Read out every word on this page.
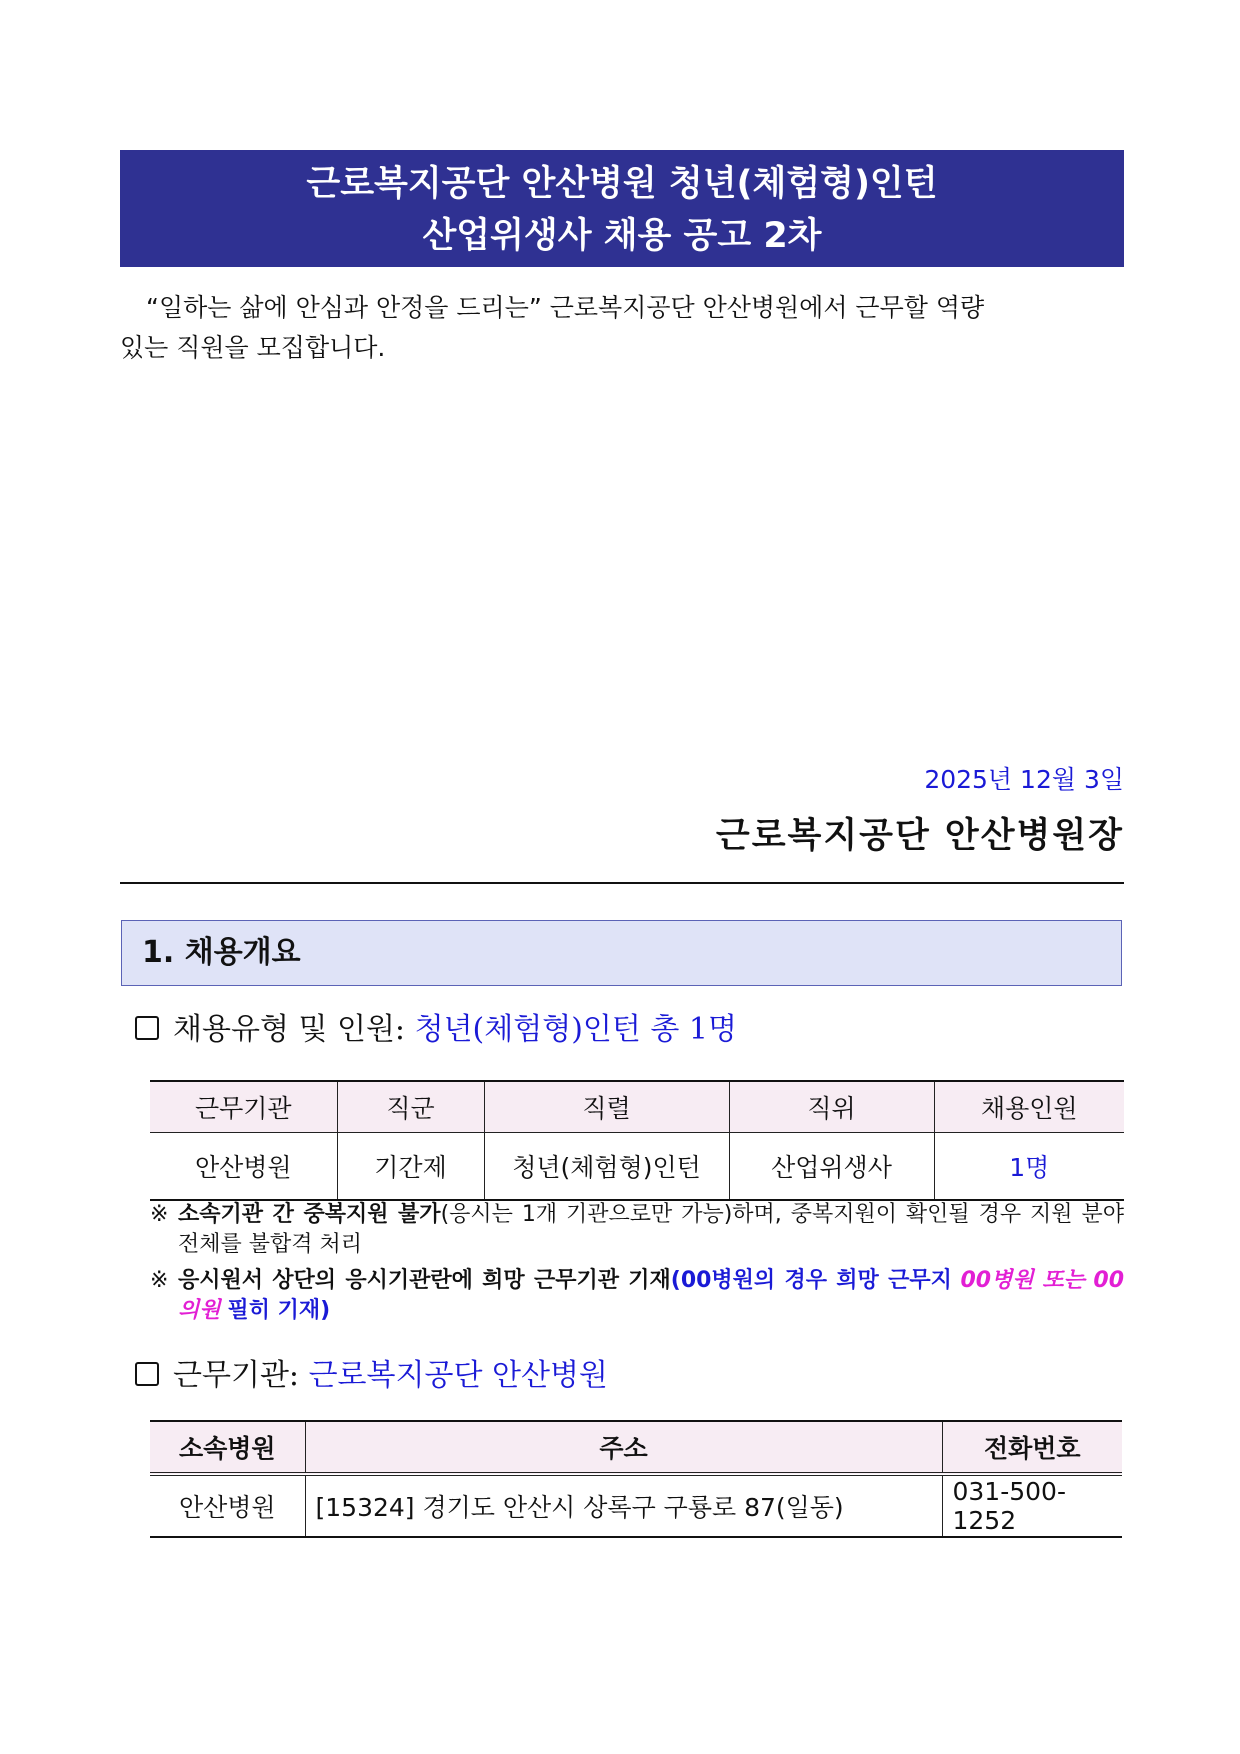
근로복지공단 안산병원 청년(체험형)인턴
산업위생사 채용 공고 2차
“일하는 삶에 안심과 안정을 드리는” 근로복지공단 안산병원에서 근무할 역량
있는 직원을 모집합니다.
2025년 12월 3일
근로복지공단 안산병원장
1. 채용개요
채용유형 및 인원: 청년(체험형)인턴 총 1명
근무기관	직군	직렬	직위	채용인원
안산병원	기간제	청년(체험형)인턴	산업위생사	1명
※ 소속기관 간 중복지원 불가(응시는 1개 기관으로만 가능)하며, 중복지원이 확인될 경우 지원 분야 전체를 불합격 처리
※ 응시원서 상단의 응시기관란에 희망 근무기관 기재(00병원의 경우 희망 근무지 00병원 또는 00의원 필히 기재)
근무기관: 근로복지공단 안산병원
소속병원	주소	전화번호
안산병원	[15324] 경기도 안산시 상록구 구룡로 87(일동)	031-500-1252
